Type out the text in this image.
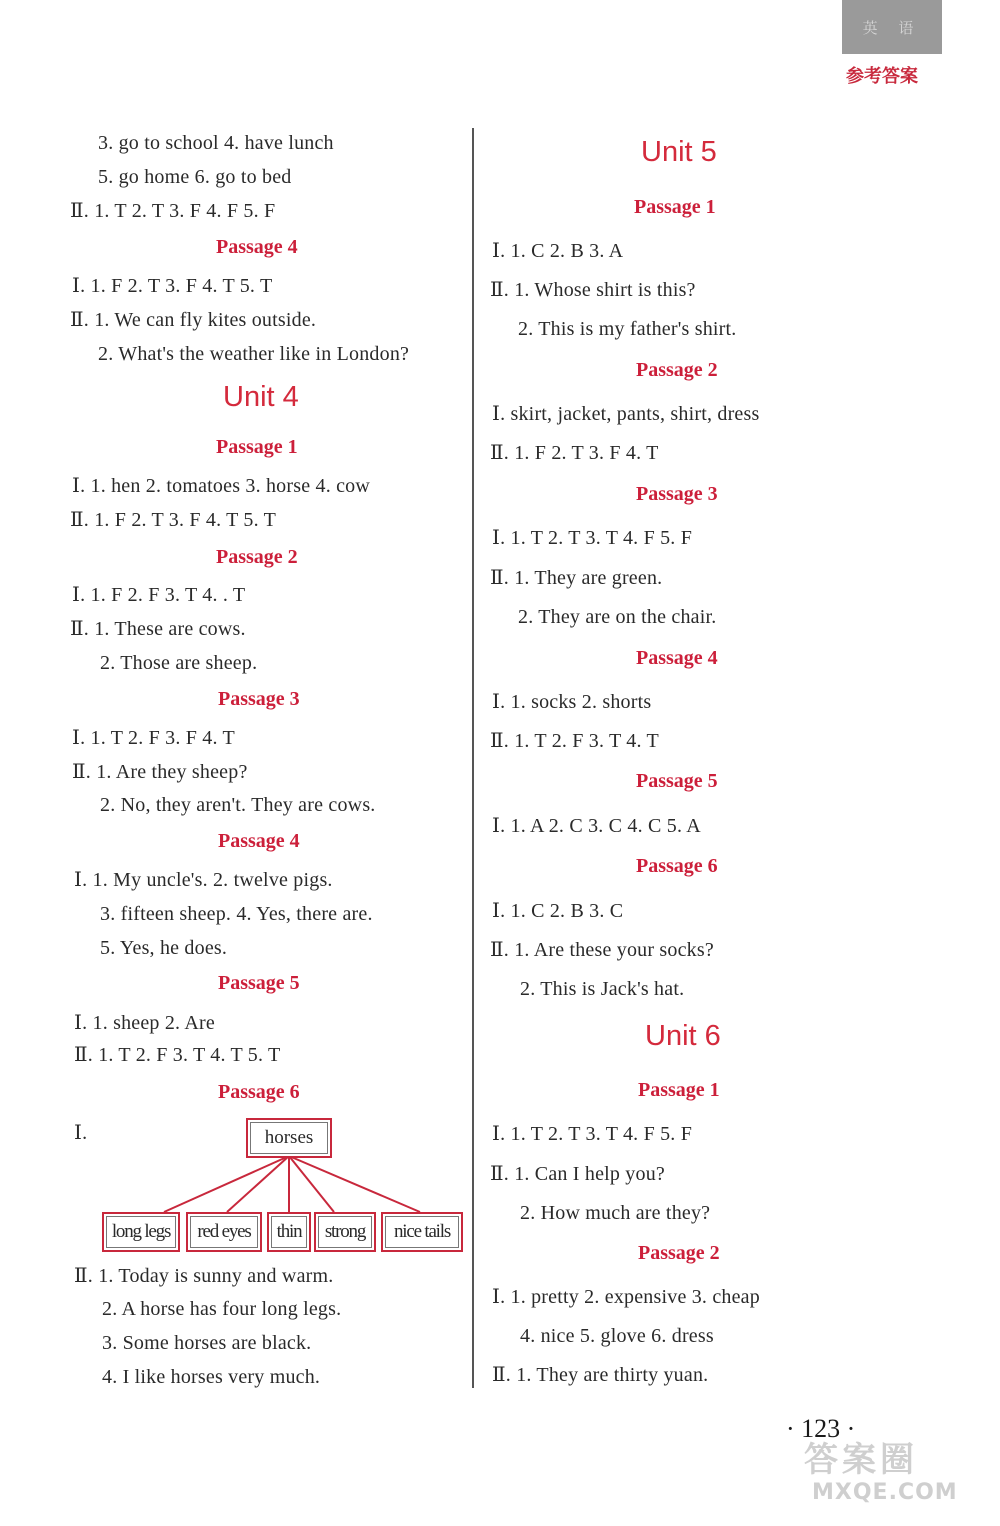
英 语
参考答案
3. go to school 4. have lunch
5. go home 6. go to bed
Ⅱ. 1. T 2. T 3. F 4. F 5. F
Passage 4
Ⅰ. 1. F 2. T 3. F 4. T 5. T
Ⅱ. 1. We can fly kites outside.
2. What's the weather like in London?
Unit 4
Passage 1
Ⅰ. 1. hen 2. tomatoes 3. horse 4. cow
Ⅱ. 1. F 2. T 3. F 4. T 5. T
Passage 2
Ⅰ. 1. F 2. F 3. T 4. . T
Ⅱ. 1. These are cows.
2. Those are sheep.
Passage 3
Ⅰ. 1. T 2. F 3. F 4. T
Ⅱ. 1. Are they sheep?
2. No, they aren't. They are cows.
Passage 4
Ⅰ. 1. My uncle's. 2. twelve pigs.
3. fifteen sheep. 4. Yes, there are.
5. Yes, he does.
Passage 5
Ⅰ. 1. sheep 2. Are
Ⅱ. 1. T 2. F 3. T 4. T 5. T
Passage 6
Ⅰ.	horses
long legs	red eyes	thin	strong	nice tails
Ⅱ. 1. Today is sunny and warm.
2. A horse has four long legs.
3. Some horses are black.
4. I like horses very much.
Unit 5
Passage 1
Ⅰ. 1. C 2. B 3. A
Ⅱ. 1. Whose shirt is this?
2. This is my father's shirt.
Passage 2
Ⅰ. skirt, jacket, pants, shirt, dress
Ⅱ. 1. F 2. T 3. F 4. T
Passage 3
Ⅰ. 1. T 2. T 3. T 4. F 5. F
Ⅱ. 1. They are green.
2. They are on the chair.
Passage 4
Ⅰ. 1. socks 2. shorts
Ⅱ. 1. T 2. F 3. T 4. T
Passage 5
Ⅰ. 1. A 2. C 3. C 4. C 5. A
Passage 6
Ⅰ. 1. C 2. B 3. C
Ⅱ. 1. Are these your socks?
2. This is Jack's hat.
Unit 6
Passage 1
Ⅰ. 1. T 2. T 3. T 4. F 5. F
Ⅱ. 1. Can I help you?
2. How much are they?
Passage 2
Ⅰ. 1. pretty 2. expensive 3. cheap
4. nice 5. glove 6. dress
Ⅱ. 1. They are thirty yuan.
· 123 ·
答案圈
MXQE.COM
